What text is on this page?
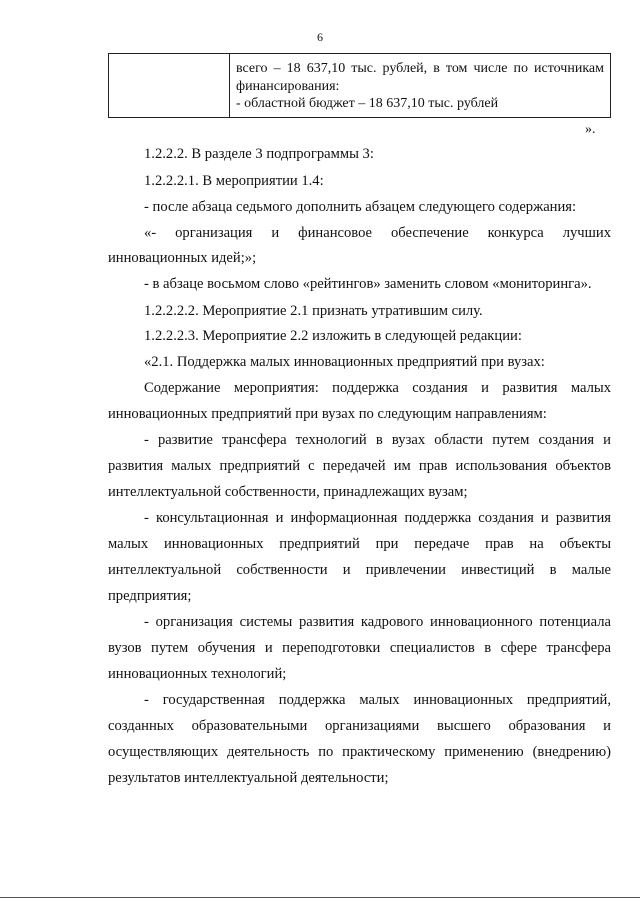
6
всего – 18 637,10 тыс. рублей, в том числе по источникам
финансирования:
- областной бюджет – 18 637,10 тыс. рублей
».

1.2.2.2. В разделе 3 подпрограммы 3:

1.2.2.2.1. В мероприятии 1.4:

- после абзаца седьмого дополнить абзацем следующего содержания:

«- организация и финансовое обеспечение конкурса лучших

инновационных идей;»;

- в абзаце восьмом слово «рейтингов» заменить словом «мониторинга».

1.2.2.2.2. Мероприятие 2.1 признать утратившим силу.

1.2.2.2.3. Мероприятие 2.2 изложить в следующей редакции:

«2.1. Поддержка малых инновационных предприятий при вузах:

Содержание мероприятия: поддержка создания и развития малых

инновационных предприятий при вузах по следующим направлениям:

- развитие трансфера технологий в вузах области путем создания и

развития малых предприятий с передачей им прав использования объектов

интеллектуальной собственности, принадлежащих вузам;

- консультационная и информационная поддержка создания и развития

малых инновационных предприятий при передаче прав на объекты

интеллектуальной собственности и привлечении инвестиций в малые

предприятия;

- организация системы развития кадрового инновационного потенциала

вузов путем обучения и переподготовки специалистов в сфере трансфера

инновационных технологий;

- государственная поддержка малых инновационных предприятий,

созданных образовательными организациями высшего образования и

осуществляющих деятельность по практическому применению (внедрению)

результатов интеллектуальной деятельности;
